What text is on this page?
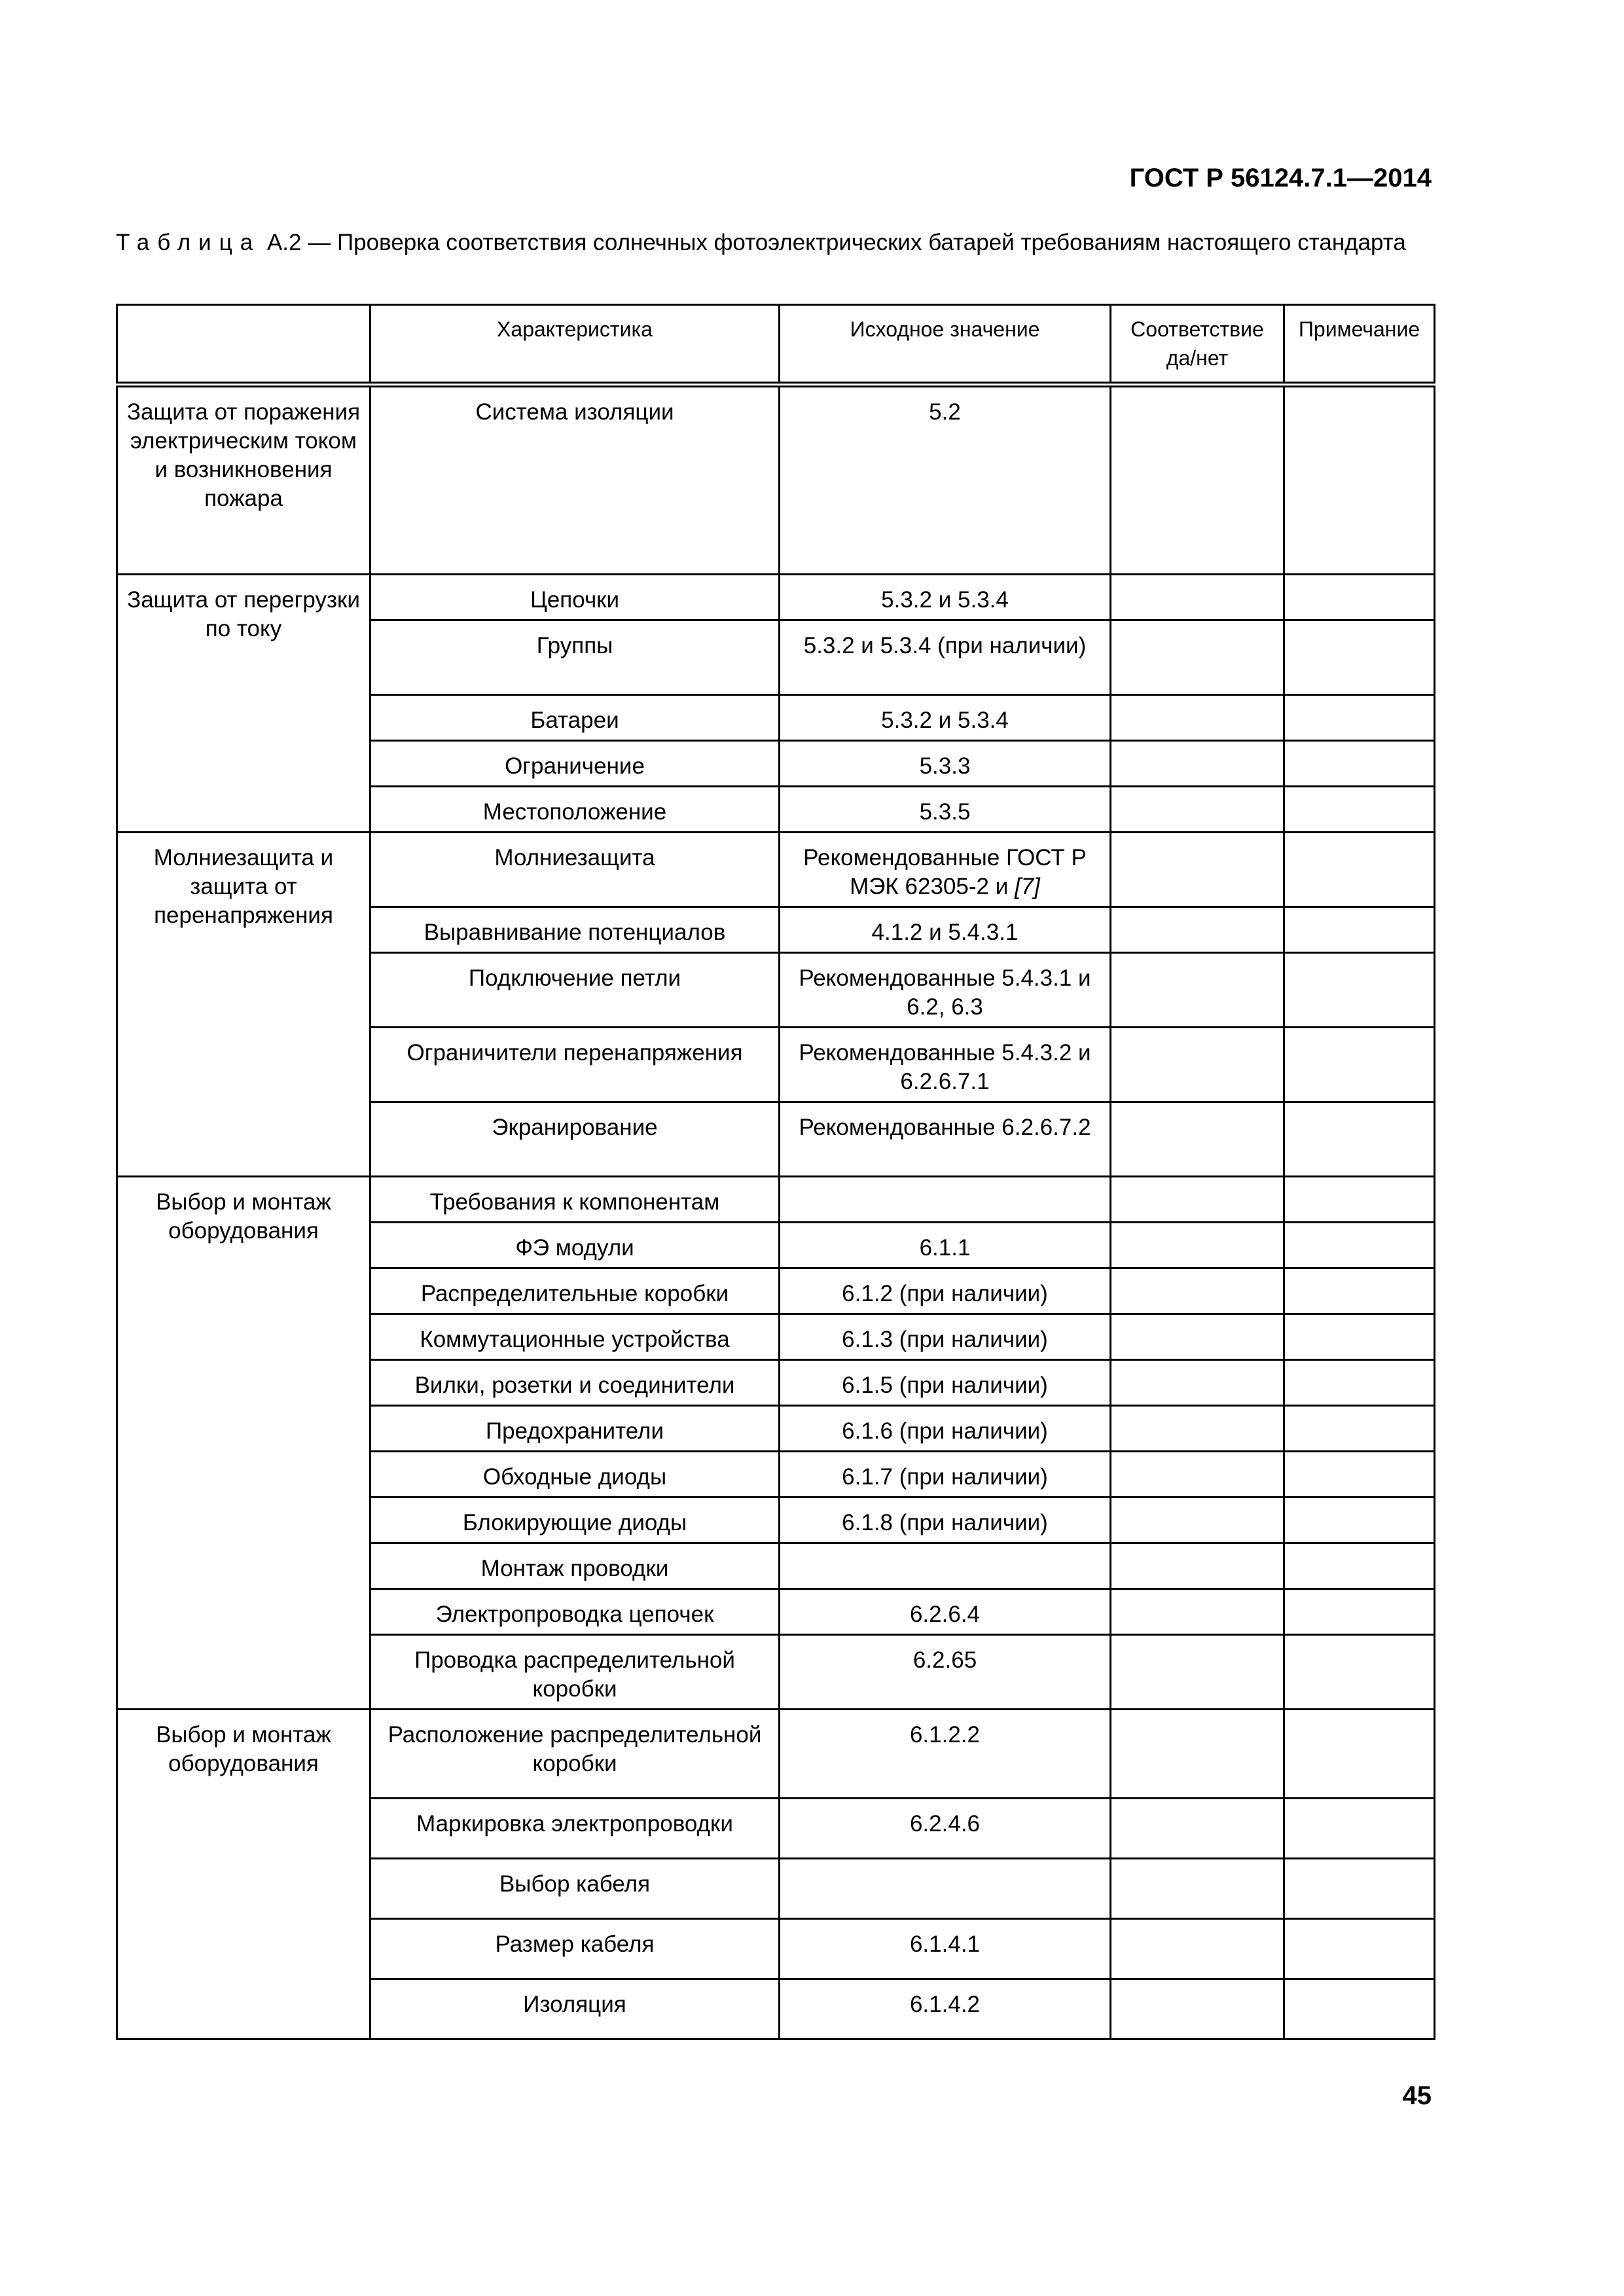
ГОСТ Р 56124.7.1—2014
Таблица А.2 — Проверка соответствия солнечных фотоэлектрических батарей требованиям настоящего стандарта
	Характеристика	Исходное значение	Соответствие да/нет	Примечание
Защита от поражения электрическим током и возникновения пожара	Система изоляции	5.2		
Защита от перегрузки по току	Цепочки	5.3.2 и 5.3.4		
	Группы	5.3.2 и 5.3.4 (при наличии)		
	Батареи	5.3.2 и 5.3.4		
	Ограничение	5.3.3		
	Местоположение	5.3.5		
Молниезащита и защита от перенапряжения	Молниезащита	Рекомендованные ГОСТ Р МЭК 62305-2 и [7]		
	Выравнивание потенциалов	4.1.2 и 5.4.3.1		
	Подключение петли	Рекомендованные 5.4.3.1 и 6.2, 6.3		
	Ограничители перенапряжения	Рекомендованные 5.4.3.2 и 6.2.6.7.1		
	Экранирование	Рекомендованные 6.2.6.7.2		
Выбор и монтаж оборудования	Требования к компонентам			
	ФЭ модули	6.1.1		
	Распределительные коробки	6.1.2 (при наличии)		
	Коммутационные устройства	6.1.3 (при наличии)		
	Вилки, розетки и соединители	6.1.5 (при наличии)		
	Предохранители	6.1.6 (при наличии)		
	Обходные диоды	6.1.7 (при наличии)		
	Блокирующие диоды	6.1.8 (при наличии)		
	Монтаж проводки			
	Электропроводка цепочек	6.2.6.4		
	Проводка распределительной коробки	6.2.65		
Выбор и монтаж оборудования	Расположение распределительной коробки	6.1.2.2		
	Маркировка электропроводки	6.2.4.6		
	Выбор кабеля			
	Размер кабеля	6.1.4.1		
	Изоляция	6.1.4.2		
45
